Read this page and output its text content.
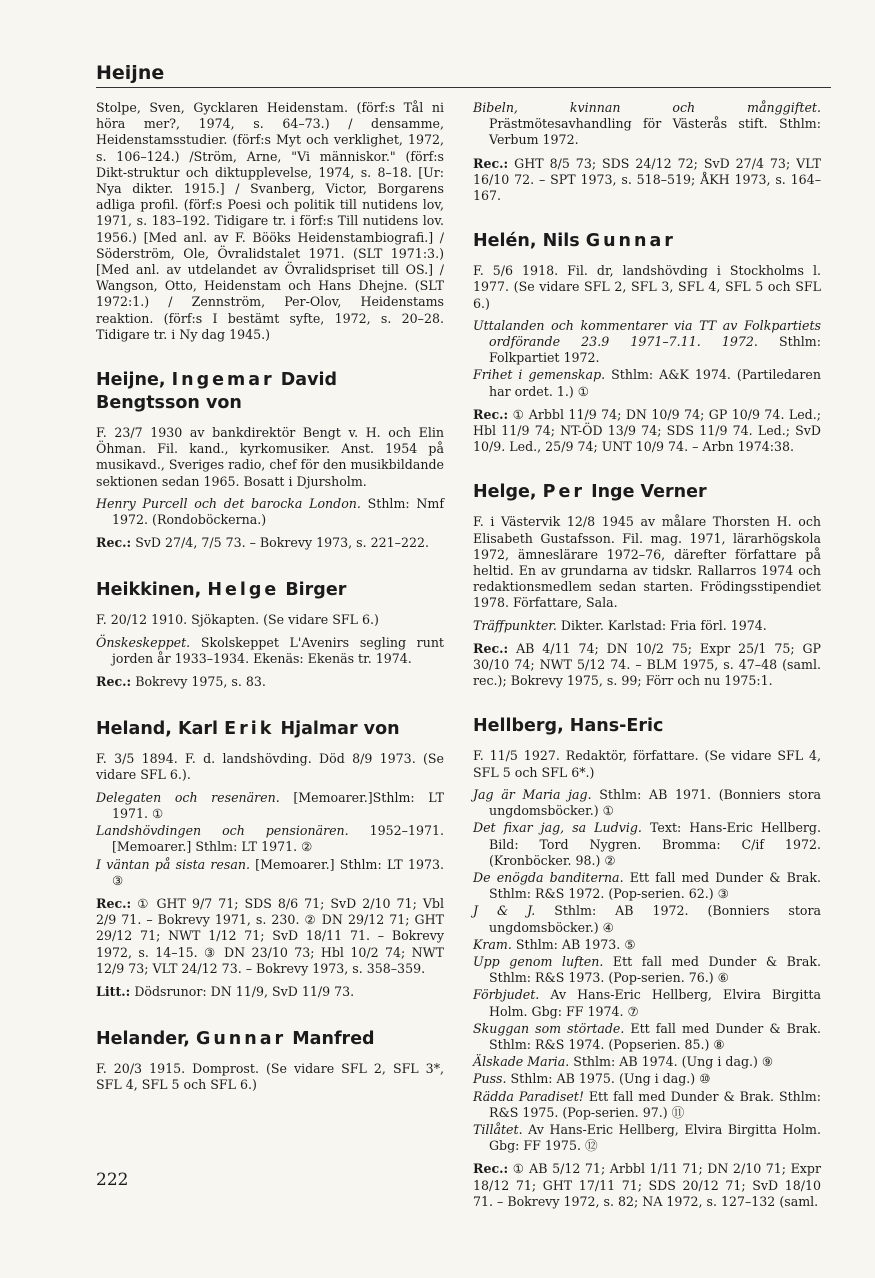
Heijne

Stolpe, Sven, Gycklaren Heidenstam. (förf:s Tål ni höra mer?, 1974, s. 64–73.) / densamme, Heidenstamsstudier. (förf:s Myt och verklighet, 1972, s. 106–124.) /Ström, Arne, "Vi människor." (förf:s Dikt-struktur och diktupplevelse, 1974, s. 8–18. [Ur: Nya dikter. 1915.] / Svanberg, Victor, Borgarens adliga profil. (förf:s Poesi och politik till nutidens lov, 1971, s. 183–192. Tidigare tr. i förf:s Till nutidens lov. 1956.) [Med anl. av F. Bööks Heidenstambiografi.] / Söderström, Ole, Övralidstalet 1971. (SLT 1971:3.) [Med anl. av utdelandet av Övralidspriset till OS.] / Wangson, Otto, Heidenstam och Hans Dhejne. (SLT 1972:1.) / Zennström, Per-Olov, Heidenstams reaktion. (förf:s I bestämt syfte, 1972, s. 20–28. Tidigare tr. i Ny dag 1945.)

Heijne, Ingemar David Bengtsson von

F. 23/7 1930 av bankdirektör Bengt v. H. och Elin Öhman. Fil. kand., kyrkomusiker. Anst. 1954 på musikavd., Sveriges radio, chef för den musikbildande sektionen sedan 1965. Bosatt i Djursholm.

Henry Purcell och det barocka London. Sthlm: Nmf 1972. (Rondoböckerna.)

Rec.: SvD 27/4, 7/5 73. – Bokrevy 1973, s. 221–222.

Heikkinen, Helge Birger

F. 20/12 1910. Sjökapten. (Se vidare SFL 6.)

Önskeskeppet. Skolskeppet L'Avenirs segling runt jorden år 1933–1934. Ekenäs: Ekenäs tr. 1974.

Rec.: Bokrevy 1975, s. 83.

Heland, Karl Erik Hjalmar von

F. 3/5 1894. F. d. landshövding. Död 8/9 1973. (Se vidare SFL 6.).

Delegaten och resenären. [Memoarer.]Sthlm: LT 1971. ①

Landshövdingen och pensionären. 1952–1971. [Memoarer.] Sthlm: LT 1971. ②

I väntan på sista resan. [Memoarer.] Sthlm: LT 1973. ③

Rec.: ① GHT 9/7 71; SDS 8/6 71; SvD 2/10 71; Vbl 2/9 71. – Bokrevy 1971, s. 230. ② DN 29/12 71; GHT 29/12 71; NWT 1/12 71; SvD 18/11 71. – Bokrevy 1972, s. 14–15. ③ DN 23/10 73; Hbl 10/2 74; NWT 12/9 73; VLT 24/12 73. – Bokrevy 1973, s. 358–359.

Litt.: Dödsrunor: DN 11/9, SvD 11/9 73.

Helander, Gunnar Manfred

F. 20/3 1915. Domprost. (Se vidare SFL 2, SFL 3*, SFL 4, SFL 5 och SFL 6.)

Bibeln, kvinnan och månggiftet. Prästmötesavhandling för Västerås stift. Sthlm: Verbum 1972.

Rec.: GHT 8/5 73; SDS 24/12 72; SvD 27/4 73; VLT 16/10 72. – SPT 1973, s. 518–519; ÅKH 1973, s. 164–167.

Helén, Nils Gunnar

F. 5/6 1918. Fil. dr, landshövding i Stockholms l. 1977. (Se vidare SFL 2, SFL 3, SFL 4, SFL 5 och SFL 6.)

Uttalanden och kommentarer via TT av Folkpartiets ordförande 23.9 1971–7.11. 1972. Sthlm: Folkpartiet 1972.

Frihet i gemenskap. Sthlm: A&K 1974. (Partiledaren har ordet. 1.) ①

Rec.: ① Arbbl 11/9 74; DN 10/9 74; GP 10/9 74. Led.; Hbl 11/9 74; NT-ÖD 13/9 74; SDS 11/9 74. Led.; SvD 10/9. Led., 25/9 74; UNT 10/9 74. – Arbn 1974:38.

Helge, Per Inge Verner

F. i Västervik 12/8 1945 av målare Thorsten H. och Elisabeth Gustafsson. Fil. mag. 1971, lärarhögskola 1972, ämneslärare 1972–76, därefter författare på heltid. En av grundarna av tidskr. Rallarros 1974 och redaktionsmedlem sedan starten. Frödingsstipendiet 1978. Författare, Sala.

Träffpunkter. Dikter. Karlstad: Fria förl. 1974.

Rec.: AB 4/11 74; DN 10/2 75; Expr 25/1 75; GP 30/10 74; NWT 5/12 74. – BLM 1975, s. 47–48 (saml. rec.); Bokrevy 1975, s. 99; Förr och nu 1975:1.

Hellberg, Hans-Eric

F. 11/5 1927. Redaktör, författare. (Se vidare SFL 4, SFL 5 och SFL 6*.)

Jag är Maria jag. Sthlm: AB 1971. (Bonniers stora ungdomsböcker.) ①

Det fixar jag, sa Ludvig. Text: Hans-Eric Hellberg. Bild: Tord Nygren. Bromma: C/if 1972. (Kronböcker. 98.) ②

De enögda banditerna. Ett fall med Dunder & Brak. Sthlm: R&S 1972. (Pop-serien. 62.) ③

J & J. Sthlm: AB 1972. (Bonniers stora ungdomsböcker.) ④

Kram. Sthlm: AB 1973. ⑤

Upp genom luften. Ett fall med Dunder & Brak. Sthlm: R&S 1973. (Pop-serien. 76.) ⑥

Förbjudet. Av Hans-Eric Hellberg, Elvira Birgitta Holm. Gbg: FF 1974. ⑦

Skuggan som störtade. Ett fall med Dunder & Brak. Sthlm: R&S 1974. (Popserien. 85.) ⑧

Älskade Maria. Sthlm: AB 1974. (Ung i dag.) ⑨

Puss. Sthlm: AB 1975. (Ung i dag.) ⑩

Rädda Paradiset! Ett fall med Dunder & Brak. Sthlm: R&S 1975. (Pop-serien. 97.) ⑪

Tillåtet. Av Hans-Eric Hellberg, Elvira Birgitta Holm. Gbg: FF 1975. ⑫

Rec.: ① AB 5/12 71; Arbbl 1/11 71; DN 2/10 71; Expr 18/12 71; GHT 17/11 71; SDS 20/12 71; SvD 18/10 71. – Bokrevy 1972, s. 82; NA 1972, s. 127–132 (saml.

222
